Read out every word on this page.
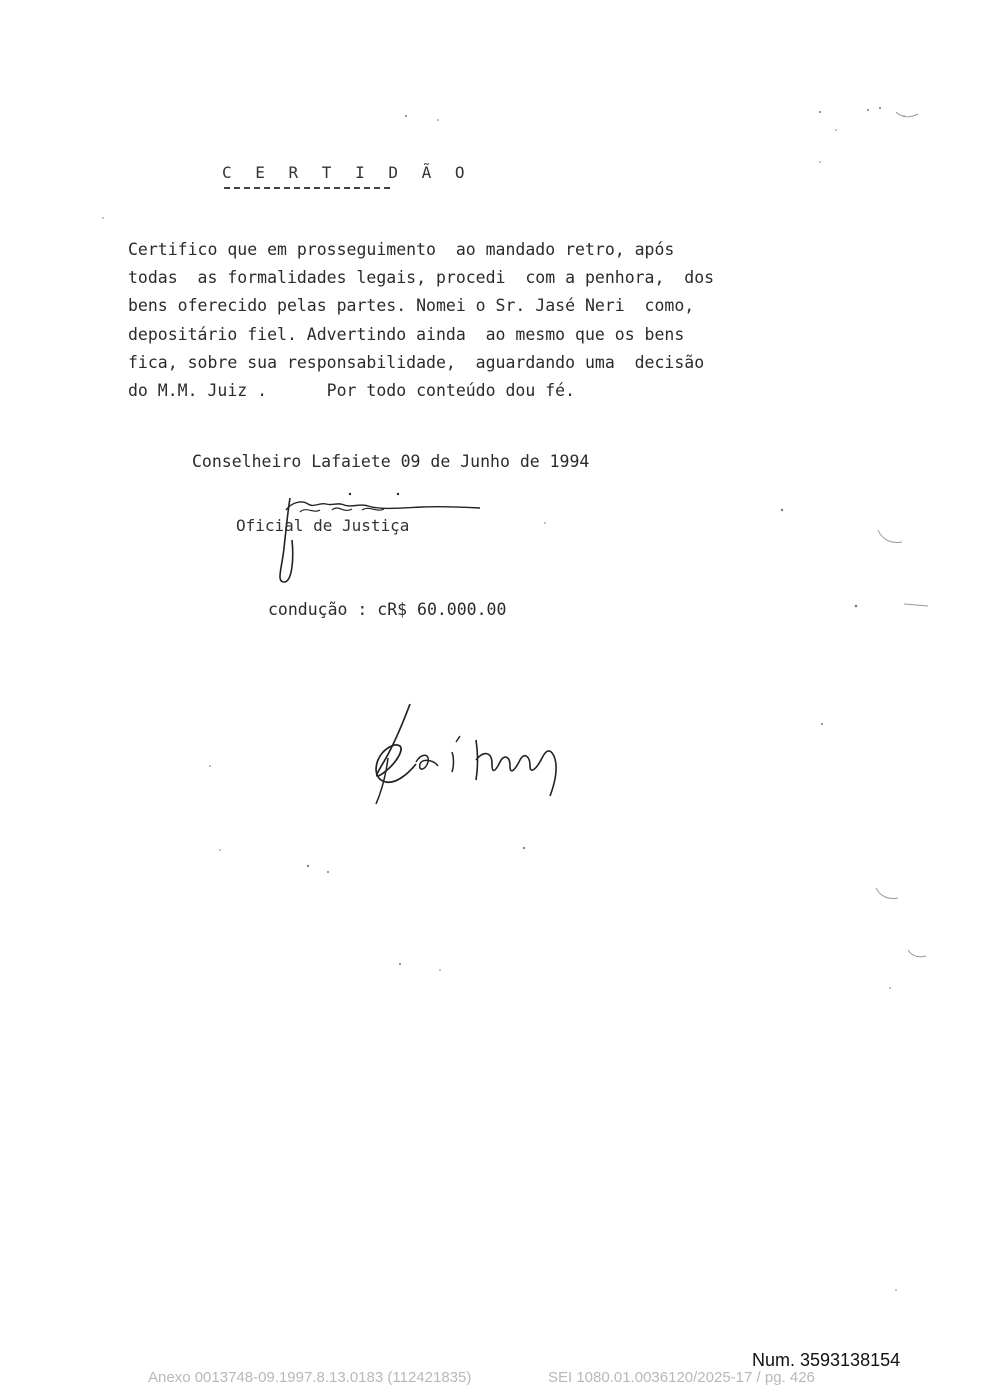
C E R T I D Ã O
Certifico que em prosseguimento  ao mandado retro, após
todas  as formalidades legais, procedi  com a penhora,  dos
bens oferecido pelas partes. Nomei o Sr. Jasé Neri  como,
depositário fiel. Advertindo ainda  ao mesmo que os bens
fica, sobre sua responsabilidade,  aguardando uma  decisão
do M.M. Juiz .      Por todo conteúdo dou fé.
Conselheiro Lafaiete 09 de Junho de 1994
Oficial de Justiça
condução : cR$ 60.000.00
Num. 3593138154
Anexo 0013748-09.1997.8.13.0183 (112421835)	SEI 1080.01.0036120/2025-17 / pg. 426
